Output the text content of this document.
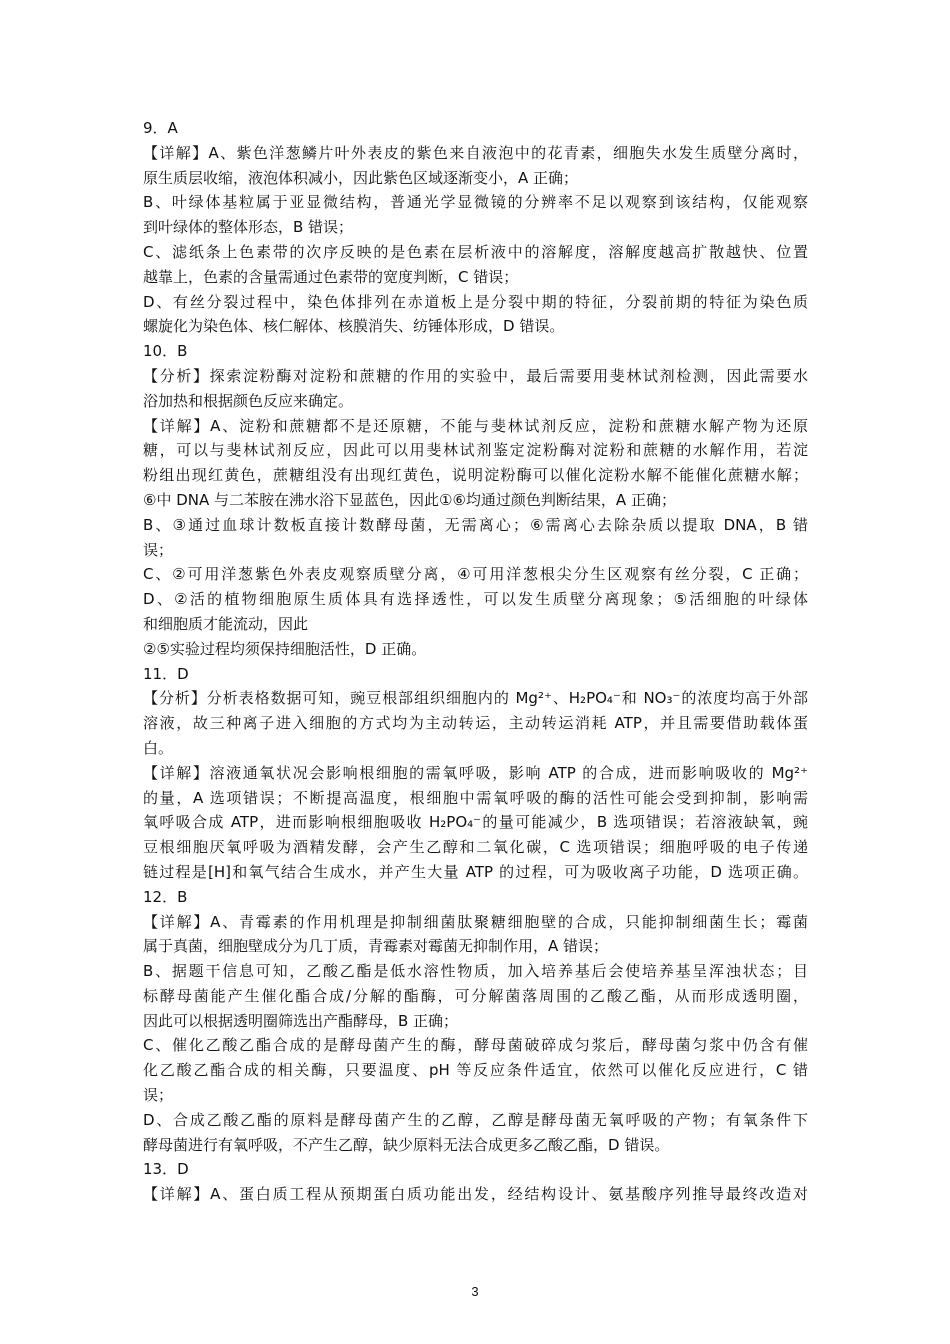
9．A
【详解】A、紫色洋葱鳞片叶外表皮的紫色来自液泡中的花青素，细胞失水发生质壁分离时，
原生质层收缩，液泡体积减小，因此紫色区域逐渐变小，A 正确；
B、叶绿体基粒属于亚显微结构，普通光学显微镜的分辨率不足以观察到该结构，仅能观察
到叶绿体的整体形态，B 错误；
C、滤纸条上色素带的次序反映的是色素在层析液中的溶解度，溶解度越高扩散越快、位置
越靠上，色素的含量需通过色素带的宽度判断，C 错误；
D、有丝分裂过程中，染色体排列在赤道板上是分裂中期的特征，分裂前期的特征为染色质
螺旋化为染色体、核仁解体、核膜消失、纺锤体形成，D 错误。
10．B
【分析】探索淀粉酶对淀粉和蔗糖的作用的实验中，最后需要用斐林试剂检测，因此需要水
浴加热和根据颜色反应来确定。
【详解】A、淀粉和蔗糖都不是还原糖，不能与斐林试剂反应，淀粉和蔗糖水解产物为还原
糖，可以与斐林试剂反应，因此可以用斐林试剂鉴定淀粉酶对淀粉和蔗糖的水解作用，若淀
粉组出现红黄色，蔗糖组没有出现红黄色，说明淀粉酶可以催化淀粉水解不能催化蔗糖水解；
⑥中 DNA 与二苯胺在沸水浴下显蓝色，因此①⑥均通过颜色判断结果，A 正确；
B、③通过血球计数板直接计数酵母菌，无需离心；⑥需离心去除杂质以提取 DNA，B 错
误；
C、②可用洋葱紫色外表皮观察质壁分离，④可用洋葱根尖分生区观察有丝分裂，C 正确；
D、②活的植物细胞原生质体具有选择透性，可以发生质壁分离现象；⑤活细胞的叶绿体
和细胞质才能流动，因此
②⑤实验过程均须保持细胞活性，D 正确。
11．D
【分析】分析表格数据可知，豌豆根部组织细胞内的 Mg²⁺、H₂PO₄⁻和 NO₃⁻的浓度均高于外部
溶液，故三种离子进入细胞的方式均为主动转运，主动转运消耗 ATP，并且需要借助载体蛋
白。
【详解】溶液通氧状况会影响根细胞的需氧呼吸，影响 ATP 的合成，进而影响吸收的 Mg²⁺
的量，A 选项错误；不断提高温度，根细胞中需氧呼吸的酶的活性可能会受到抑制，影响需
氧呼吸合成 ATP，进而影响根细胞吸收 H₂PO₄⁻的量可能减少，B 选项错误；若溶液缺氧，豌
豆根细胞厌氧呼吸为酒精发酵，会产生乙醇和二氧化碳，C 选项错误；细胞呼吸的电子传递
链过程是[H]和氧气结合生成水，并产生大量 ATP 的过程，可为吸收离子功能，D 选项正确。
12．B
【详解】A、青霉素的作用机理是抑制细菌肽聚糖细胞壁的合成，只能抑制细菌生长；霉菌
属于真菌，细胞壁成分为几丁质，青霉素对霉菌无抑制作用，A 错误；
B、据题干信息可知，乙酸乙酯是低水溶性物质，加入培养基后会使培养基呈浑浊状态；目
标酵母菌能产生催化酯合成/分解的酯酶，可分解菌落周围的乙酸乙酯，从而形成透明圈，
因此可以根据透明圈筛选出产酯酵母，B 正确；
C、催化乙酸乙酯合成的是酵母菌产生的酶，酵母菌破碎成匀浆后，酵母菌匀浆中仍含有催
化乙酸乙酯合成的相关酶，只要温度、pH 等反应条件适宜，依然可以催化反应进行，C 错
误；
D、合成乙酸乙酯的原料是酵母菌产生的乙醇，乙醇是酵母菌无氧呼吸的产物；有氧条件下
酵母菌进行有氧呼吸，不产生乙醇，缺少原料无法合成更多乙酸乙酯，D 错误。
13．D
【详解】A、蛋白质工程从预期蛋白质功能出发，经结构设计、氨基酸序列推导最终改造对
3
